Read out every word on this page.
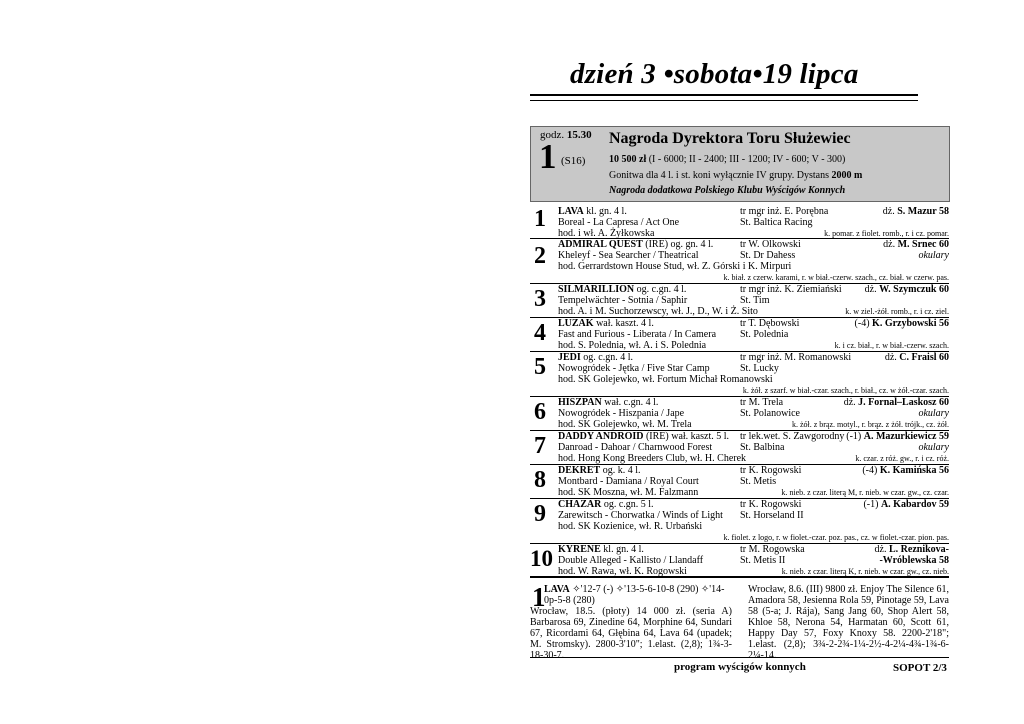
dzień 3 •sobota•19 lipca
godz. 15.30
1 (S16)
Nagroda Dyrektora Toru Służewiec
10 500 zł (I - 6000; II - 2400; III - 1200; IV - 600; V - 300)
Gonitwa dla 4 l. i st. koni wyłącznie IV grupy. Dystans 2000 m
Nagroda dodatkowa Polskiego Klubu Wyścigów Konnych
1 LAVA kl. gn. 4 l.
Boreal - La Capresa / Act One
hod. i wł. A. Żyłkowska
tr mgr inż. E. Porębna
St. Baltica Racing
dż. S. Mazur 58
k. pomar. z fiolet. romb., r. i cz. pomar.
2 ADMIRAL QUEST (IRE) og. gn. 4 l.
Kheleyf - Sea Searcher / Theatrical
hod. Gerrardstown House Stud, wł. Z. Górski i K. Mirpuri
tr W. Olkowski
St. Dr Dahess
dż. M. Srnec 60
okulary
k. biał. z czerw. karami, r. w biał.-czerw. szach., cz. biał. w czerw. pas.
3 SILMARILLION og. c.gn. 4 l.
Tempelwächter - Sotnia / Saphir
hod. A. i M. Suchorzewscy, wł. J., D., W. i Ż. Sito
tr mgr inż. K. Ziemiański
St. Tim
dż. W. Szymczuk 60
k. w ziel.-żół. romb., r. i cz. ziel.
4 LUZAK wał. kaszt. 4 l.
Fast and Furious - Liberata / In Camera
hod. S. Polednia, wł. A. i S. Polednia
tr T. Dębowski
St. Polednia
(-4) K. Grzybowski 56
k. i cz. biał., r. w biał.-czerw. szach.
5 JEDI og. c.gn. 4 l.
Nowogródek - Jętka / Five Star Camp
hod. SK Golejewko, wł. Fortum Michał Romanowski
tr mgr inż. M. Romanowski
St. Lucky
dż. C. Fraisl 60
k. żół. z szarf. w biał.-czar. szach., r. biał., cz. w żół.-czar. szach.
6 HISZPAN wał. c.gn. 4 l.
Nowogródek - Hiszpania / Jape
hod. SK Golejewko, wł. M. Trela
tr M. Trela
St. Polanowice
dż. J. Fornal–Laskosz 60
okulary
k. żół. z brąz. motyl., r. brąz. z żół. trójk., cz. żół.
7 DADDY ANDROID (IRE) wał. kaszt. 5 l.
Danroad - Dahoar / Charnwood Forest
hod. Hong Kong Breeders Club, wł. H. Cherek
tr lek.wet. S. Zawgorodny
St. Balbina
(-1) A. Mazurkiewicz 59
okulary
k. czar. z róż. gw., r. i cz. róż.
8 DEKRET og. k. 4 l.
Montbard - Damiana / Royal Court
hod. SK Moszna, wł. M. Falzmann
tr K. Rogowski
St. Metis
(-4) K. Kamińska 56
k. nieb. z czar. literą M, r. nieb. w czar. gw., cz. czar.
9 CHAZAR og. c.gn. 5 l.
Zarewitsch - Chorwatka / Winds of Light
hod. SK Kozienice, wł. R. Urbański
tr K. Rogowski
St. Horseland II
(-1) A. Kabardov 59
k. fiolet. z logo, r. w fiolet.-czar. poz. pas., cz. w fiolet.-czar. pion. pas.
10 KYRENE kl. gn. 4 l.
Double Alleged - Kallisto / Llandaff
hod. W. Rawa, wł. K. Rogowski
tr M. Rogowska
St. Metis II
dż. L. Reznikova-
-Wróblewska 58
k. nieb. z czar. literą K, r. nieb. w czar. gw., cz. nieb.
1
LAVA ✧'12-7 (-) ✧'13-5-6-10-8 (290) ✧'14-0p-5-8 (280)
Wrocław, 18.5. (płoty) 14 000 zł. (seria A) Barbarosa 69, Zinedine 64, Morphine 64, Sundari 67, Ricordami 64, Głębina 64, Lava 64 (upadek; M. Stromsky). 2800-3'10"; 1.elast. (2,8); 1¾-3-18-30-7.
Wrocław, 8.6. (III) 9800 zł. Enjoy The Silence 61, Amadora 58, Jesienna Rola 59, Pinotage 59, Lava 58 (5-a; J. Rája), Sang Jang 60, Shop Alert 58, Khloe 58, Nerona 54, Harmatan 60, Scott 61, Happy Day 57, Foxy Knoxy 58. 2200-2'18"; 1.elast. (2,8); 3¾-2-2¾-1¼-2½-4-2¼-4¾-1¾-6-2¼-14.
program wyścigów konnych	SOPOT 2/3
